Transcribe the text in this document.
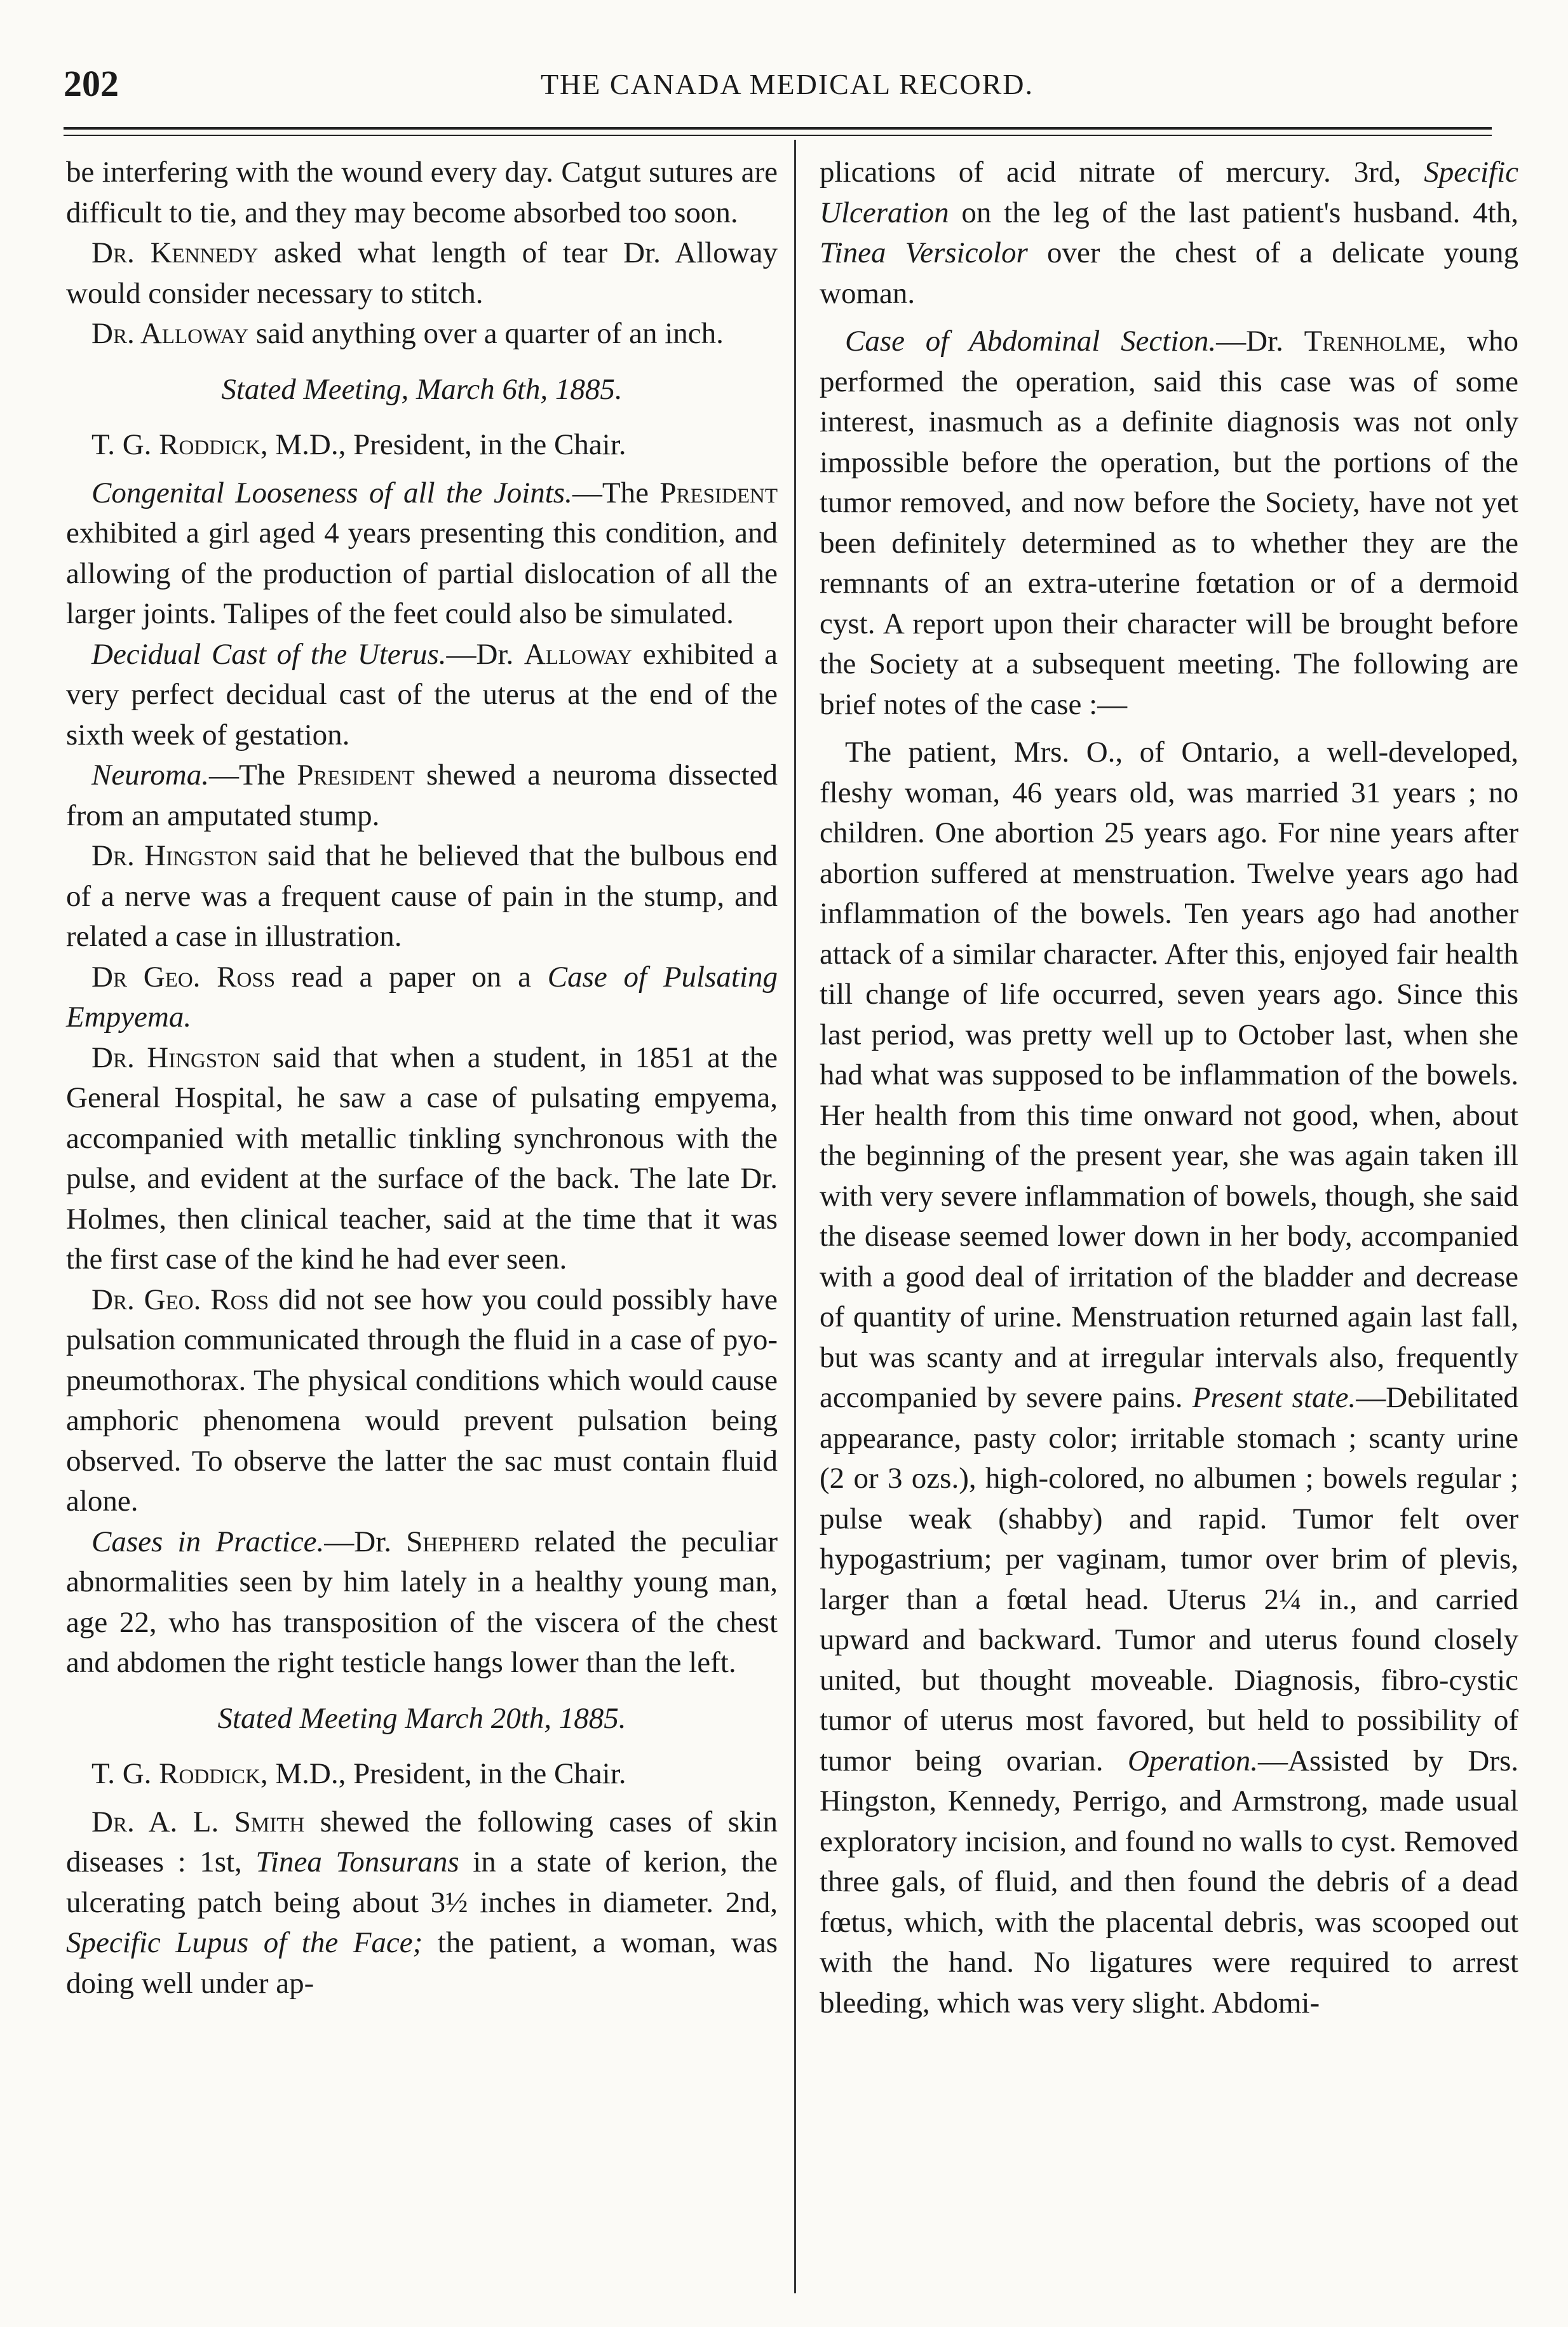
202	THE CANADA MEDICAL RECORD.

be interfering with the wound every day. Catgut sutures are difficult to tie, and they may become absorbed too soon.

Dr. Kennedy asked what length of tear Dr. Alloway would consider necessary to stitch.

Dr. Alloway said anything over a quarter of an inch.

Stated Meeting, March 6th, 1885.

T. G. Roddick, M.D., President, in the Chair.

Congenital Looseness of all the Joints.—The President exhibited a girl aged 4 years presenting this condition, and allowing of the production of partial dislocation of all the larger joints. Talipes of the feet could also be simulated.

Decidual Cast of the Uterus.—Dr. Alloway exhibited a very perfect decidual cast of the uterus at the end of the sixth week of gestation.

Neuroma.—The President shewed a neuroma dissected from an amputated stump.

Dr. Hingston said that he believed that the bulbous end of a nerve was a frequent cause of pain in the stump, and related a case in illustration.

Dr Geo. Ross read a paper on a Case of Pulsating Empyema.

Dr. Hingston said that when a student, in 1851 at the General Hospital, he saw a case of pulsating empyema, accompanied with metallic tinkling synchronous with the pulse, and evident at the surface of the back. The late Dr. Holmes, then clinical teacher, said at the time that it was the first case of the kind he had ever seen.

Dr. Geo. Ross did not see how you could possibly have pulsation communicated through the fluid in a case of pyo-pneumothorax. The physical conditions which would cause amphoric phenomena would prevent pulsation being observed. To observe the latter the sac must contain fluid alone.

Cases in Practice.—Dr. Shepherd related the peculiar abnormalities seen by him lately in a healthy young man, age 22, who has transposition of the viscera of the chest and abdomen the right testicle hangs lower than the left.

Stated Meeting March 20th, 1885.

T. G. Roddick, M.D., President, in the Chair.

Dr. A. L. Smith shewed the following cases of skin diseases : 1st, Tinea Tonsurans in a state of kerion, the ulcerating patch being about 3½ inches in diameter. 2nd, Specific Lupus of the Face; the patient, a woman, was doing well under ap-

plications of acid nitrate of mercury. 3rd, Specific Ulceration on the leg of the last patient's husband. 4th, Tinea Versicolor over the chest of a delicate young woman.

Case of Abdominal Section.—Dr. Trenholme, who performed the operation, said this case was of some interest, inasmuch as a definite diagnosis was not only impossible before the operation, but the portions of the tumor removed, and now before the Society, have not yet been definitely determined as to whether they are the remnants of an extra-uterine fœtation or of a dermoid cyst. A report upon their character will be brought before the Society at a subsequent meeting. The following are brief notes of the case :—

The patient, Mrs. O., of Ontario, a well-developed, fleshy woman, 46 years old, was married 31 years ; no children. One abortion 25 years ago. For nine years after abortion suffered at menstruation. Twelve years ago had inflammation of the bowels. Ten years ago had another attack of a similar character. After this, enjoyed fair health till change of life occurred, seven years ago. Since this last period, was pretty well up to October last, when she had what was supposed to be inflammation of the bowels. Her health from this time onward not good, when, about the beginning of the present year, she was again taken ill with very severe inflammation of bowels, though, she said the disease seemed lower down in her body, accompanied with a good deal of irritation of the bladder and decrease of quantity of urine. Menstruation returned again last fall, but was scanty and at irregular intervals also, frequently accompanied by severe pains. Present state.—Debilitated appearance, pasty color; irritable stomach ; scanty urine (2 or 3 ozs.), high-colored, no albumen ; bowels regular ; pulse weak (shabby) and rapid. Tumor felt over hypogastrium; per vaginam, tumor over brim of plevis, larger than a fœtal head. Uterus 2¼ in., and carried upward and backward. Tumor and uterus found closely united, but thought moveable. Diagnosis, fibro-cystic tumor of uterus most favored, but held to possibility of tumor being ovarian. Operation.—Assisted by Drs. Hingston, Kennedy, Perrigo, and Armstrong, made usual exploratory incision, and found no walls to cyst. Removed three gals, of fluid, and then found the debris of a dead fœtus, which, with the placental debris, was scooped out with the hand. No ligatures were required to arrest bleeding, which was very slight. Abdomi-
